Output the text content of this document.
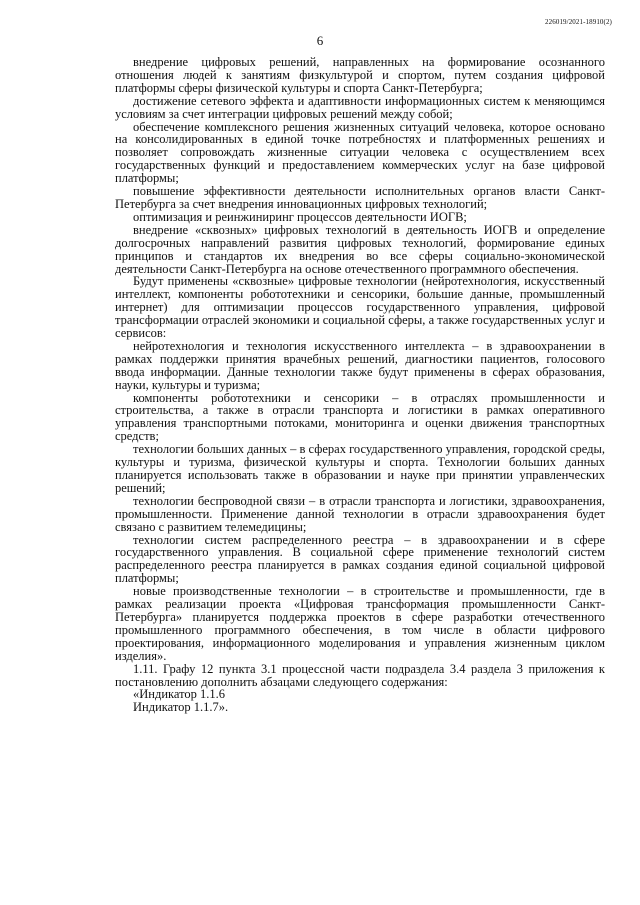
226019/2021-18910(2)
6

внедрение цифровых решений, направленных на формирование осознанного отношения людей к занятиям физкультурой и спортом, путем создания цифровой платформы сферы физической культуры и спорта Санкт-Петербурга;

достижение сетевого эффекта и адаптивности информационных систем к меняющимся условиям за счет интеграции цифровых решений между собой;

обеспечение комплексного решения жизненных ситуаций человека, которое основано на консолидированных в единой точке потребностях и платформенных решениях и позволяет сопровождать жизненные ситуации человека с осуществлением всех государственных функций и предоставлением коммерческих услуг на базе цифровой платформы;

повышение эффективности деятельности исполнительных органов власти Санкт-Петербурга за счет внедрения инновационных цифровых технологий;

оптимизация и реинжиниринг процессов деятельности ИОГВ;

внедрение «сквозных» цифровых технологий в деятельность ИОГВ и определение долгосрочных направлений развития цифровых технологий, формирование единых принципов и стандартов их внедрения во все сферы социально-экономической деятельности Санкт-Петербурга на основе отечественного программного обеспечения.

Будут применены «сквозные» цифровые технологии (нейротехнология, искусственный интеллект, компоненты робототехники и сенсорики, большие данные, промышленный интернет) для оптимизации процессов государственного управления, цифровой трансформации отраслей экономики и социальной сферы, а также государственных услуг и сервисов:

нейротехнология и технология искусственного интеллекта – в здравоохранении в рамках поддержки принятия врачебных решений, диагностики пациентов, голосового ввода информации. Данные технологии также будут применены в сферах образования, науки, культуры и туризма;

компоненты робототехники и сенсорики – в отраслях промышленности и строительства, а также в отрасли транспорта и логистики в рамках оперативного управления транспортными потоками, мониторинга и оценки движения транспортных средств;

технологии больших данных – в сферах государственного управления, городской среды, культуры и туризма, физической культуры и спорта. Технологии больших данных планируется использовать также в образовании и науке при принятии управленческих решений;

технологии беспроводной связи – в отрасли транспорта и логистики, здравоохранения, промышленности. Применение данной технологии в отрасли здравоохранения будет связано с развитием телемедицины;

технологии систем распределенного реестра – в здравоохранении и в сфере государственного управления. В социальной сфере применение технологий систем распределенного реестра планируется в рамках создания единой социальной цифровой платформы;

новые производственные технологии – в строительстве и промышленности, где в рамках реализации проекта «Цифровая трансформация промышленности Санкт-Петербурга» планируется поддержка проектов в сфере разработки отечественного промышленного программного обеспечения, в том числе в области цифрового проектирования, информационного моделирования и управления жизненным циклом изделия».

1.11. Графу 12 пункта 3.1 процессной части подраздела 3.4 раздела 3 приложения к постановлению дополнить абзацами следующего содержания:

«Индикатор 1.1.6

Индикатор 1.1.7».
